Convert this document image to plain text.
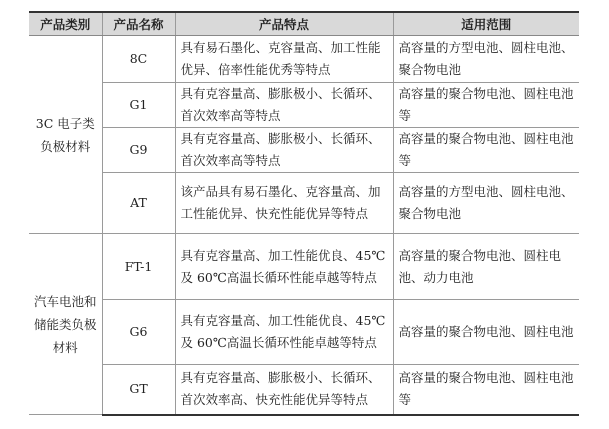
产品类别	产品名称	产品特点	适用范围
3C 电子类负极材料	8C	具有易石墨化、克容量高、加工性能优异、倍率性能优秀等特点	高容量的方型电池、圆柱电池、聚合物电池
	G1	具有克容量高、膨胀极小、长循环、首次效率高等特点	高容量的聚合物电池、圆柱电池等
	G9	具有克容量高、膨胀极小、长循环、首次效率高等特点	高容量的聚合物电池、圆柱电池等
	AT	该产品具有易石墨化、克容量高、加工性能优异、快充性能优异等特点	高容量的方型电池、圆柱电池、聚合物电池
汽车电池和储能类负极材料	FT-1	具有克容量高、加工性能优良、45℃及 60℃高温长循环性能卓越等特点	高容量的聚合物电池、圆柱电池、动力电池
	G6	具有克容量高、加工性能优良、45℃及 60℃高温长循环性能卓越等特点	高容量的聚合物电池、圆柱电池
	GT	具有克容量高、膨胀极小、长循环、首次效率高、快充性能优异等特点	高容量的聚合物电池、圆柱电池等
